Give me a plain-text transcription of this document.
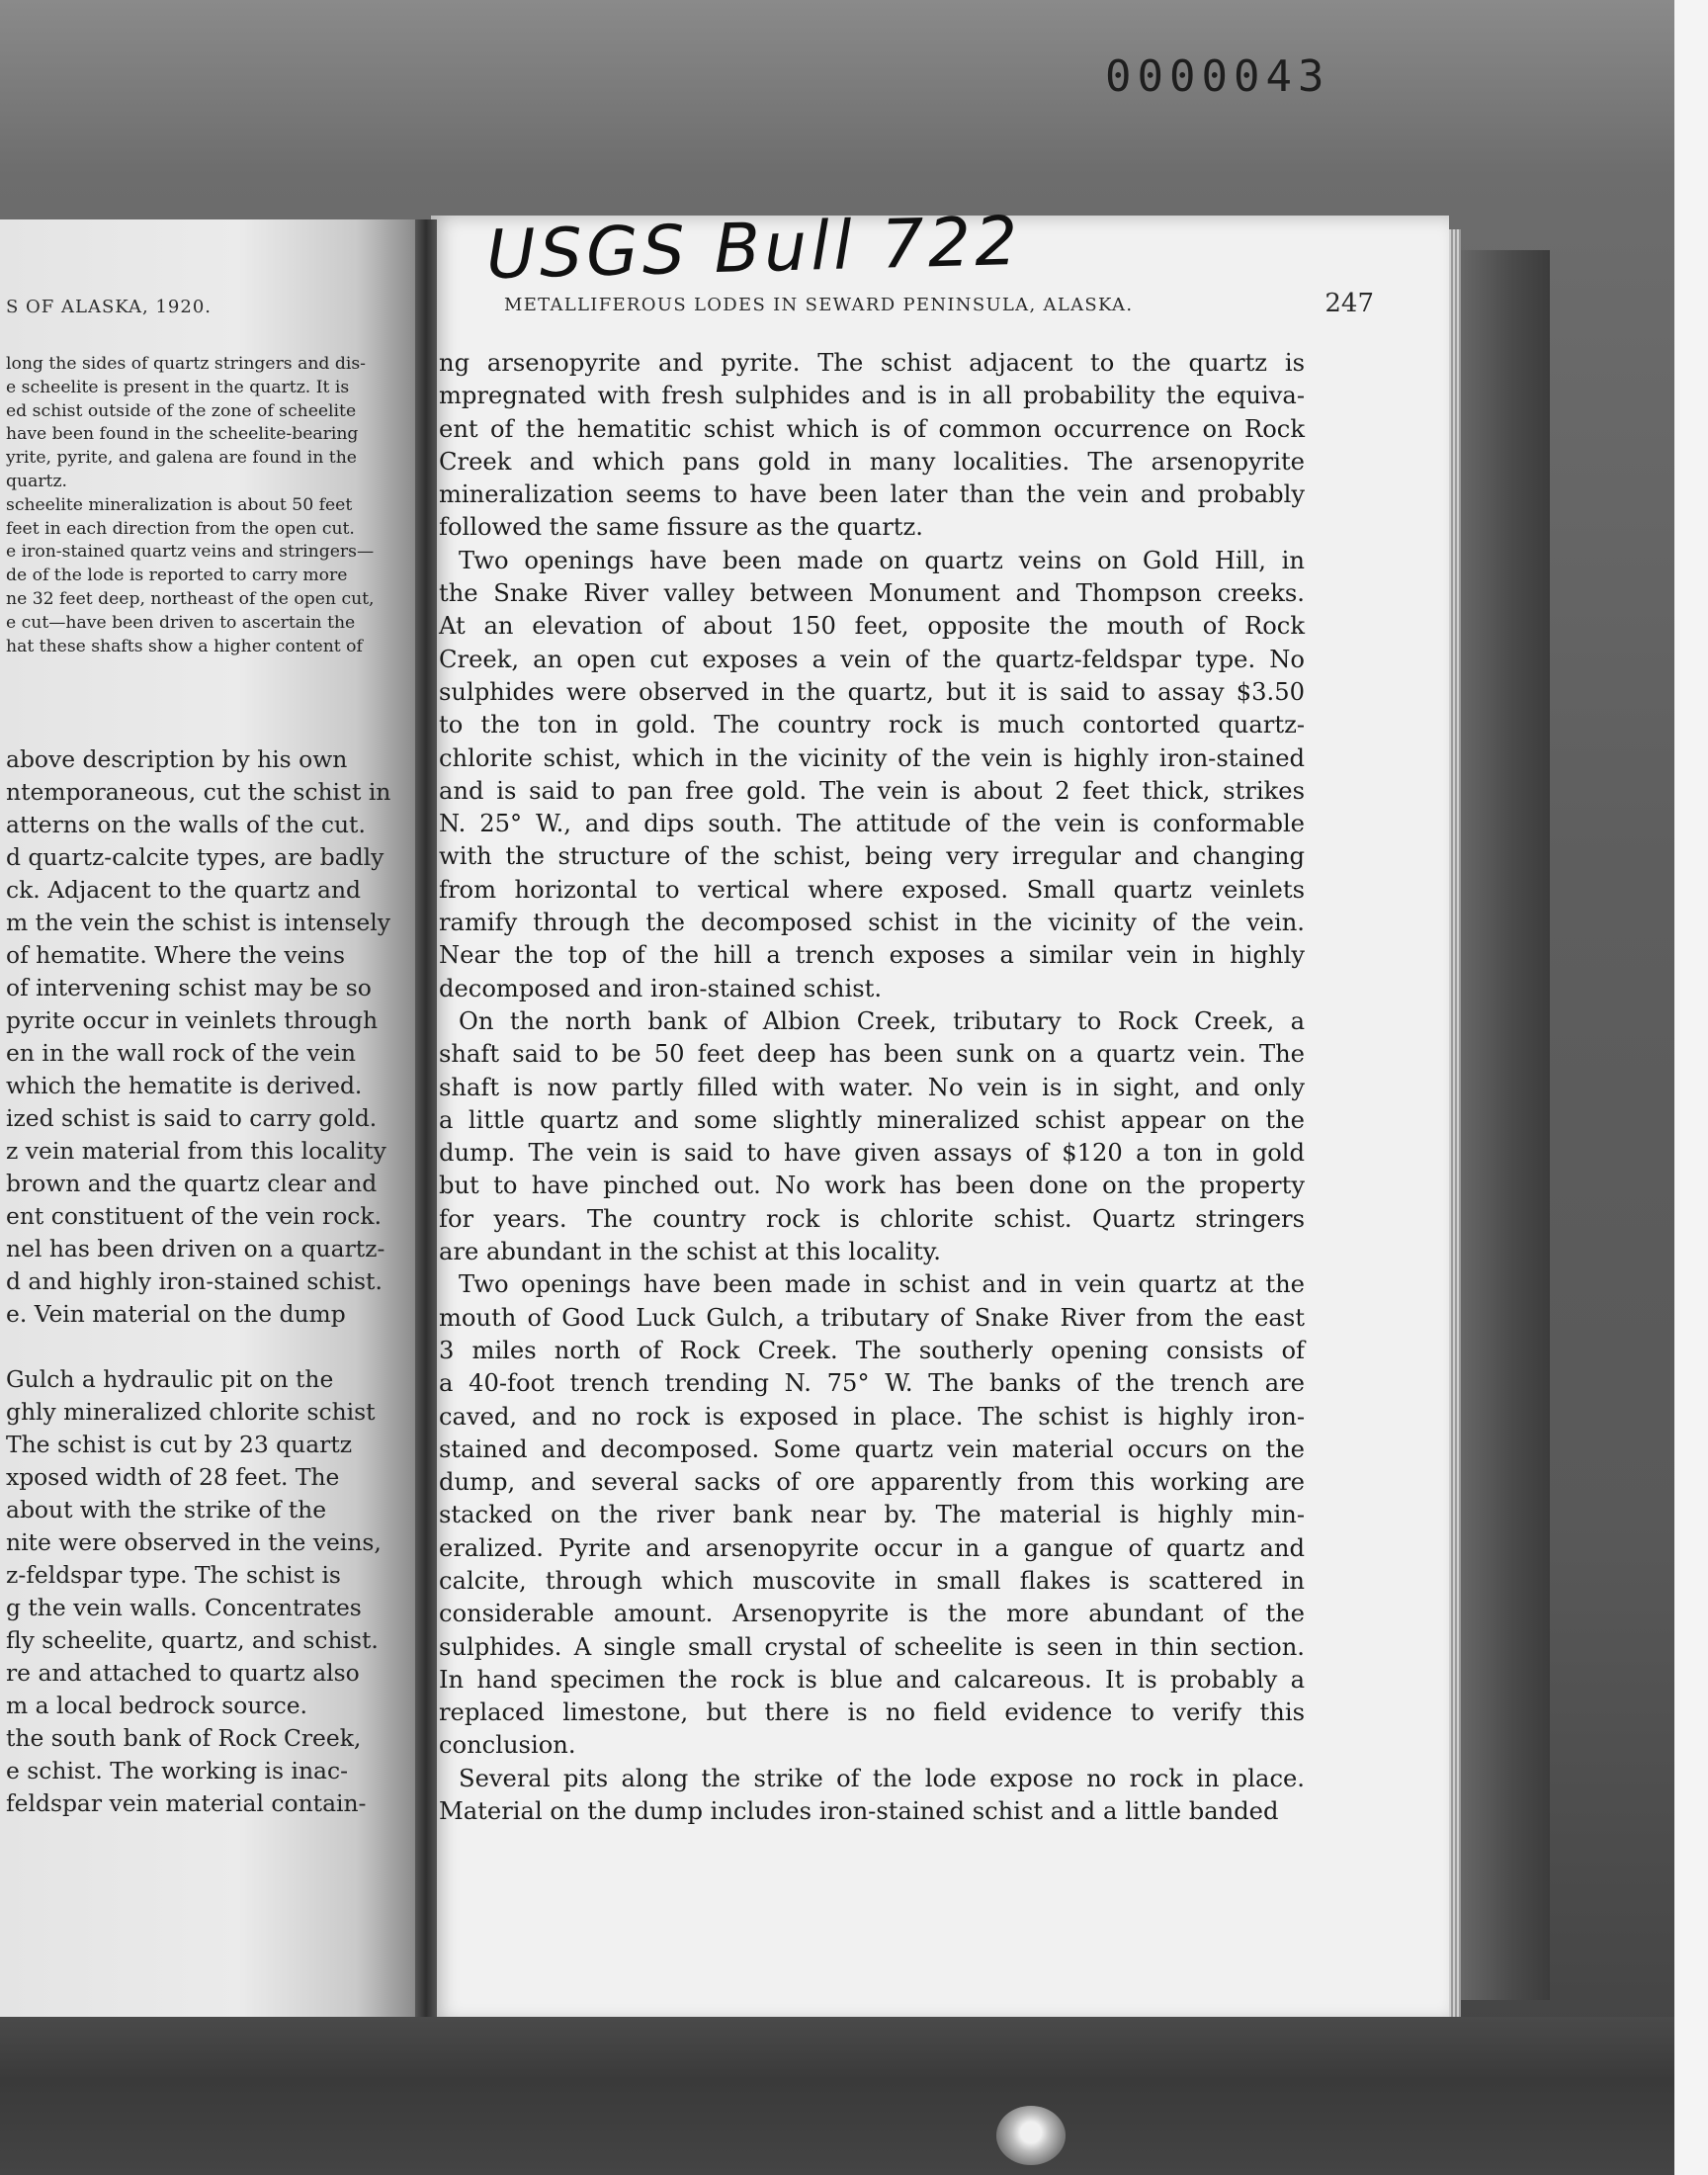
0000043
S OF ALASKA, 1920.

long the sides of quartz stringers and dis-

e scheelite is present in the quartz. It is

ed schist outside of the zone of scheelite

have been found in the scheelite-bearing

yrite, pyrite, and galena are found in the

quartz.

scheelite mineralization is about 50 feet

feet in each direction from the open cut.

e iron-stained quartz veins and stringers—

de of the lode is reported to carry more

ne 32 feet deep, northeast of the open cut,

e cut—have been driven to ascertain the

hat these shafts show a higher content of

above description by his own

ntemporaneous, cut the schist in

atterns on the walls of the cut.

d quartz-calcite types, are badly

ck. Adjacent to the quartz and

m the vein the schist is intensely

of hematite. Where the veins

of intervening schist may be so

pyrite occur in veinlets through

en in the wall rock of the vein

which the hematite is derived.

ized schist is said to carry gold.

z vein material from this locality

brown and the quartz clear and

ent constituent of the vein rock.

nel has been driven on a quartz-

d and highly iron-stained schist.

e. Vein material on the dump

Gulch a hydraulic pit on the

ghly mineralized chlorite schist

The schist is cut by 23 quartz

xposed width of 28 feet. The

about with the strike of the

nite were observed in the veins,

z-feldspar type. The schist is

g the vein walls. Concentrates

fly scheelite, quartz, and schist.

re and attached to quartz also

m a local bedrock source.

the south bank of Rock Creek,

e schist. The working is inac-

feldspar vein material contain-

USGS Bull 722
METALLIFEROUS LODES IN SEWARD PENINSULA, ALASKA.	247
ng arsenopyrite and pyrite. The schist adjacent to the quartz is
mpregnated with fresh sulphides and is in all probability the equiva-
ent of the hematitic schist which is of common occurrence on Rock
Creek and which pans gold in many localities. The arsenopyrite
mineralization seems to have been later than the vein and probably
followed the same fissure as the quartz.
Two openings have been made on quartz veins on Gold Hill, in
the Snake River valley between Monument and Thompson creeks.
At an elevation of about 150 feet, opposite the mouth of Rock
Creek, an open cut exposes a vein of the quartz-feldspar type. No
sulphides were observed in the quartz, but it is said to assay $3.50
to the ton in gold. The country rock is much contorted quartz-
chlorite schist, which in the vicinity of the vein is highly iron-stained
and is said to pan free gold. The vein is about 2 feet thick, strikes
N. 25° W., and dips south. The attitude of the vein is conformable
with the structure of the schist, being very irregular and changing
from horizontal to vertical where exposed. Small quartz veinlets
ramify through the decomposed schist in the vicinity of the vein.
Near the top of the hill a trench exposes a similar vein in highly
decomposed and iron-stained schist.
On the north bank of Albion Creek, tributary to Rock Creek, a
shaft said to be 50 feet deep has been sunk on a quartz vein. The
shaft is now partly filled with water. No vein is in sight, and only
a little quartz and some slightly mineralized schist appear on the
dump. The vein is said to have given assays of $120 a ton in gold
but to have pinched out. No work has been done on the property
for years. The country rock is chlorite schist. Quartz stringers
are abundant in the schist at this locality.
Two openings have been made in schist and in vein quartz at the
mouth of Good Luck Gulch, a tributary of Snake River from the east
3 miles north of Rock Creek. The southerly opening consists of
a 40-foot trench trending N. 75° W. The banks of the trench are
caved, and no rock is exposed in place. The schist is highly iron-
stained and decomposed. Some quartz vein material occurs on the
dump, and several sacks of ore apparently from this working are
stacked on the river bank near by. The material is highly min-
eralized. Pyrite and arsenopyrite occur in a gangue of quartz and
calcite, through which muscovite in small flakes is scattered in
considerable amount. Arsenopyrite is the more abundant of the
sulphides. A single small crystal of scheelite is seen in thin section.
In hand specimen the rock is blue and calcareous. It is probably a
replaced limestone, but there is no field evidence to verify this
conclusion.
Several pits along the strike of the lode expose no rock in place.
Material on the dump includes iron-stained schist and a little banded
